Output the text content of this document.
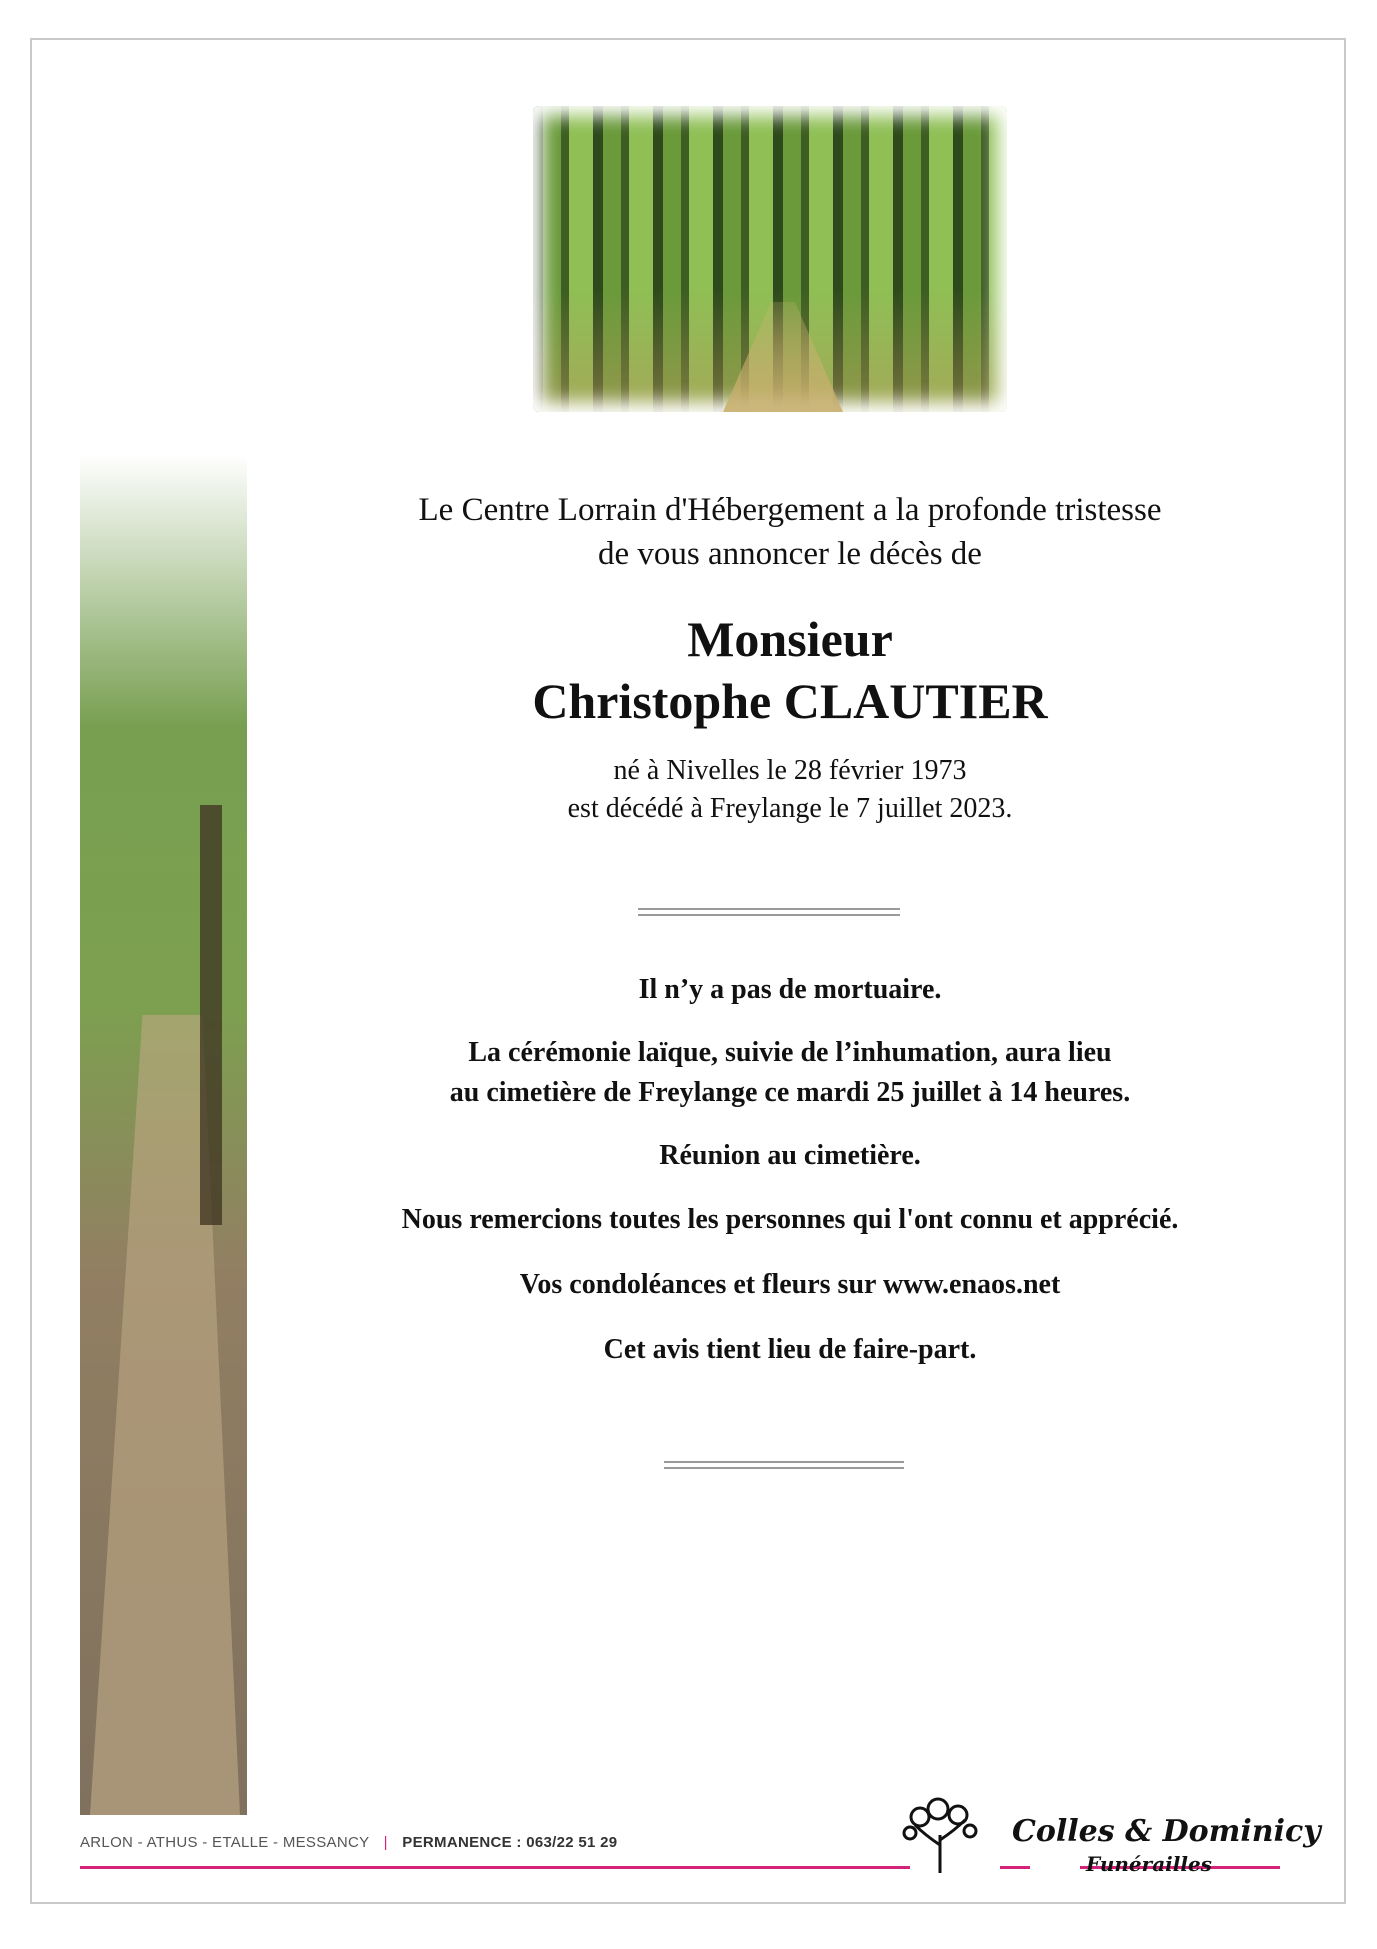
Le Centre Lorrain d'Hébergement a la profonde tristesse
de vous annoncer le décès de
Monsieur
Christophe CLAUTIER
né à Nivelles le 28 février 1973
est décédé à Freylange le 7 juillet 2023.
Il n’y a pas de mortuaire.
La cérémonie laïque, suivie de l’inhumation, aura lieu
au cimetière de Freylange ce mardi 25 juillet à 14 heures.
Réunion au cimetière.
Nous remercions toutes les personnes qui l'ont connu et apprécié.
Vos condoléances et fleurs sur www.enaos.net
Cet avis tient lieu de faire-part.
ARLON - ATHUS - ETALLE - MESSANCY | PERMANENCE : 063/22 51 29	Colles & Dominicy
Funérailles
